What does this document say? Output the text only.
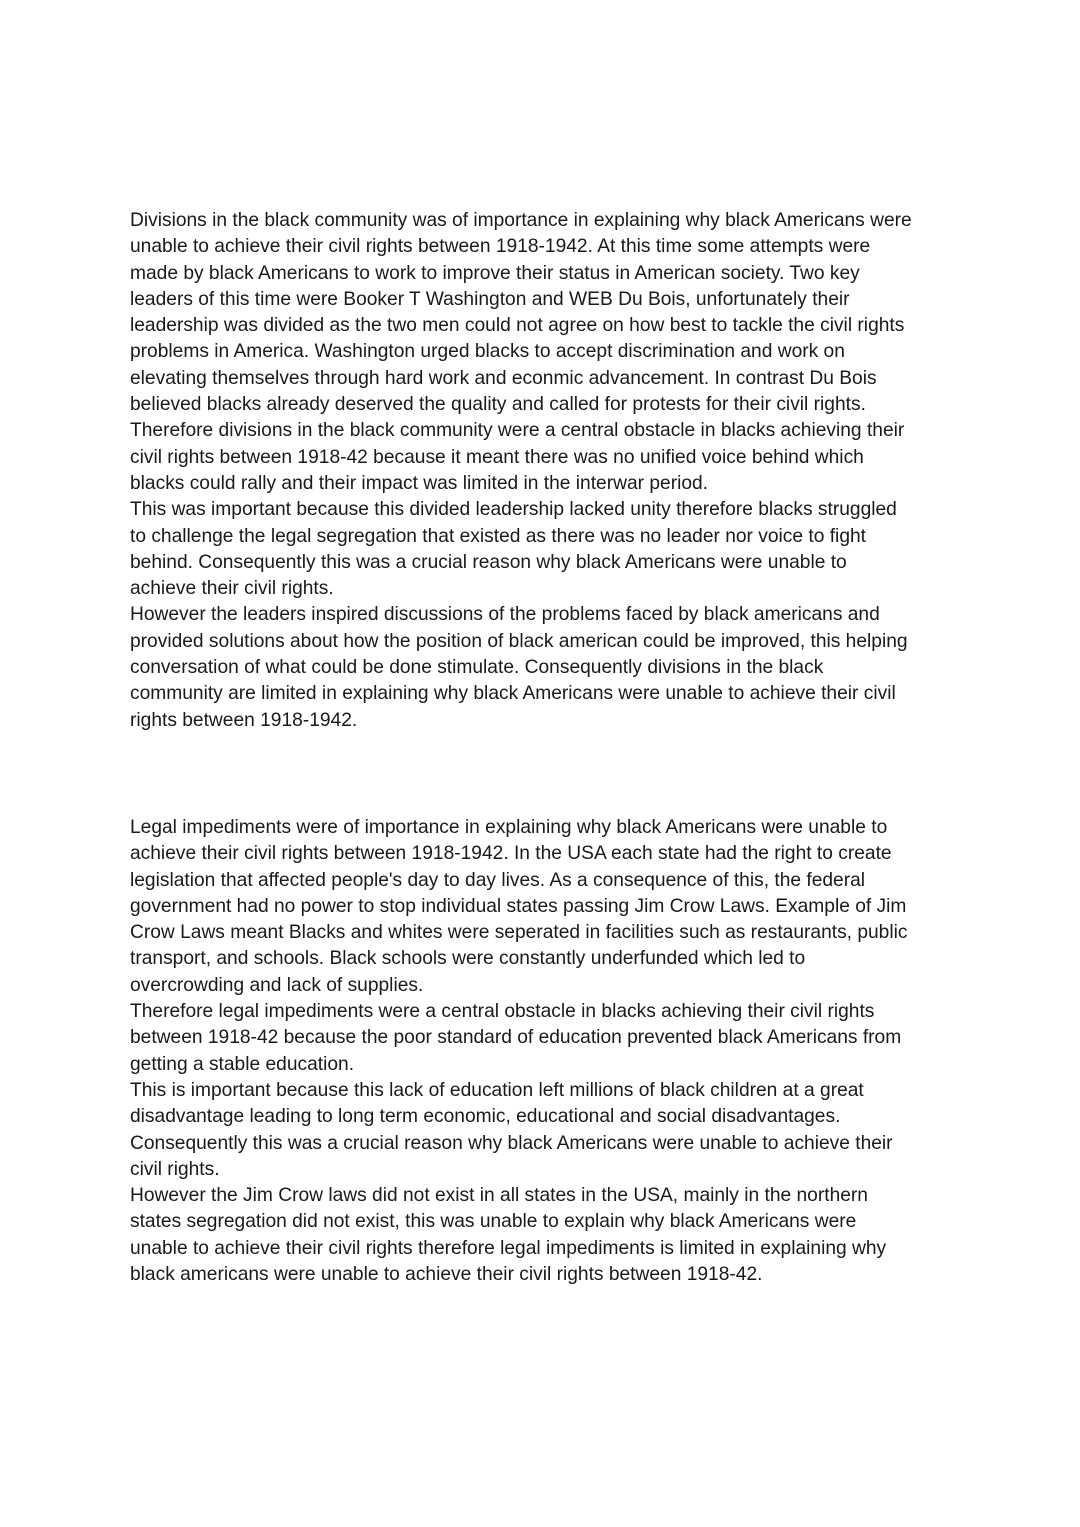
Divisions in the black community was of importance in explaining why black Americans were
unable to achieve their civil rights between 1918-1942. At this time some attempts were
made by black Americans to work to improve their status in American society. Two key
leaders of this time were Booker T Washington and WEB Du Bois, unfortunately their
leadership was divided as the two men could not agree on how best to tackle the civil rights
problems in America. Washington urged blacks to accept discrimination and work on
elevating themselves through hard work and econmic advancement. In contrast Du Bois
believed blacks already deserved the quality and called for protests for their civil rights.
Therefore divisions in the black community were a central obstacle in blacks achieving their
civil rights between 1918-42 because it meant there was no unified voice behind which
blacks could rally and their impact was limited in the interwar period.
This was important because this divided leadership lacked unity therefore blacks struggled
to challenge the legal segregation that existed as there was no leader nor voice to fight
behind. Consequently this was a crucial reason why black Americans were unable to
achieve their civil rights.
However the leaders inspired discussions of the problems faced by black americans and
provided solutions about how the position of black american could be improved, this helping
conversation of what could be done stimulate. Consequently divisions in the black
community are limited in explaining why black Americans were unable to achieve their civil
rights between 1918-1942.
Legal impediments were of importance in explaining why black Americans were unable to
achieve their civil rights between 1918-1942. In the USA each state had the right to create
legislation that affected people's day to day lives. As a consequence of this, the federal
government had no power to stop individual states passing Jim Crow Laws. Example of Jim
Crow Laws meant Blacks and whites were seperated in facilities such as restaurants, public
transport, and schools. Black schools were constantly underfunded which led to
overcrowding and lack of supplies.
Therefore legal impediments were a central obstacle in blacks achieving their civil rights
between 1918-42 because the poor standard of education prevented black Americans from
getting a stable education.
This is important because this lack of education left millions of black children at a great
disadvantage leading to long term economic, educational and social disadvantages.
Consequently this was a crucial reason why black Americans were unable to achieve their
civil rights.
However the Jim Crow laws did not exist in all states in the USA, mainly in the northern
states segregation did not exist, this was unable to explain why black Americans were
unable to achieve their civil rights therefore legal impediments is limited in explaining why
black americans were unable to achieve their civil rights between 1918-42.
